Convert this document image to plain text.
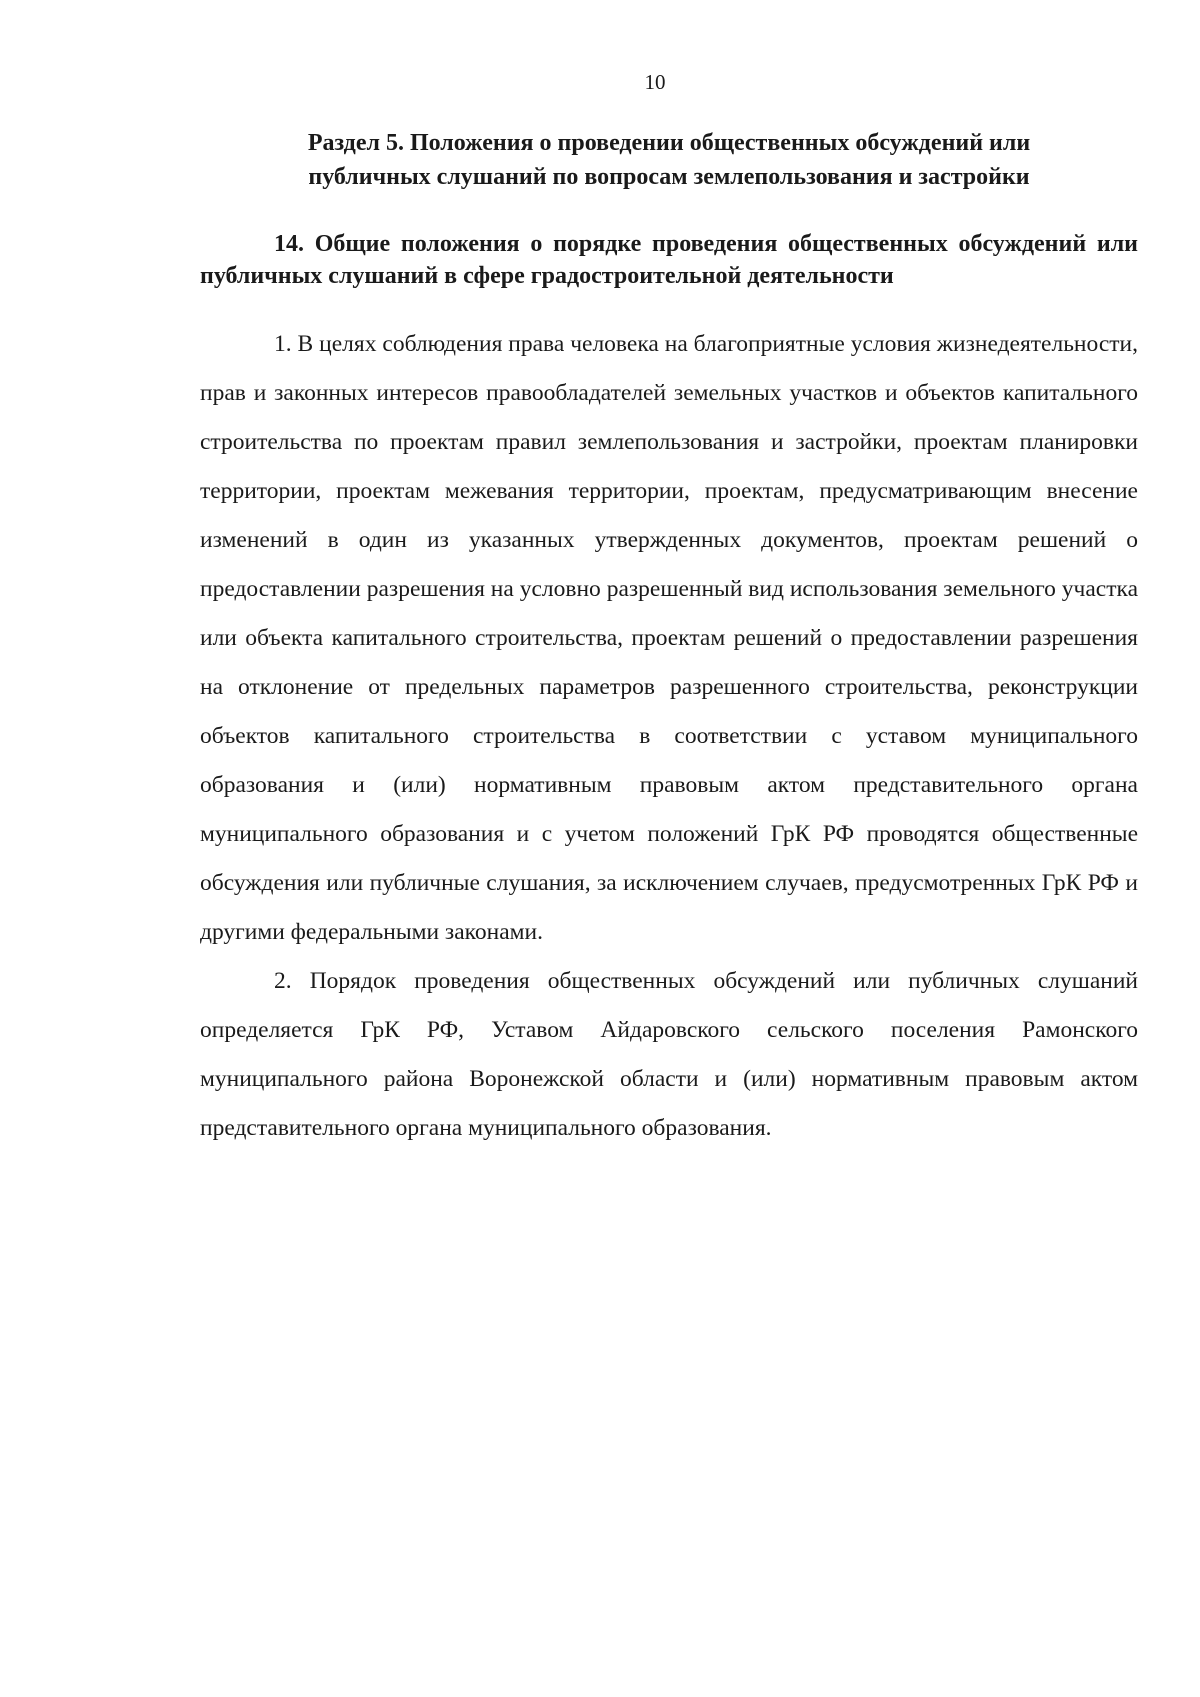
10
Раздел 5. Положения о проведении общественных обсуждений или
публичных слушаний по вопросам землепользования и застройки
14. Общие положения о порядке проведения общественных обсуждений или публичных слушаний в сфере градостроительной деятельности

1. В целях соблюдения права человека на благоприятные условия жизнедеятельности, прав и законных интересов правообладателей земельных участков и объектов капитального строительства по проектам правил землепользования и застройки, проектам планировки территории, проектам межевания территории, проектам, предусматривающим внесение изменений в один из указанных утвержденных документов, проектам решений о предоставлении разрешения на условно разрешенный вид использования земельного участка или объекта капитального строительства, проектам решений о предоставлении разрешения на отклонение от предельных параметров разрешенного строительства, реконструкции объектов капитального строительства в соответствии с уставом муниципального образования и (или) нормативным правовым актом представительного органа муниципального образования и с учетом положений ГрК РФ проводятся общественные обсуждения или публичные слушания, за исключением случаев, предусмотренных ГрК РФ и другими федеральными законами.

2. Порядок проведения общественных обсуждений или публичных слушаний определяется ГрК РФ, Уставом Айдаровского сельского поселения Рамонского муниципального района Воронежской области и (или) нормативным правовым актом представительного органа муниципального образования.
